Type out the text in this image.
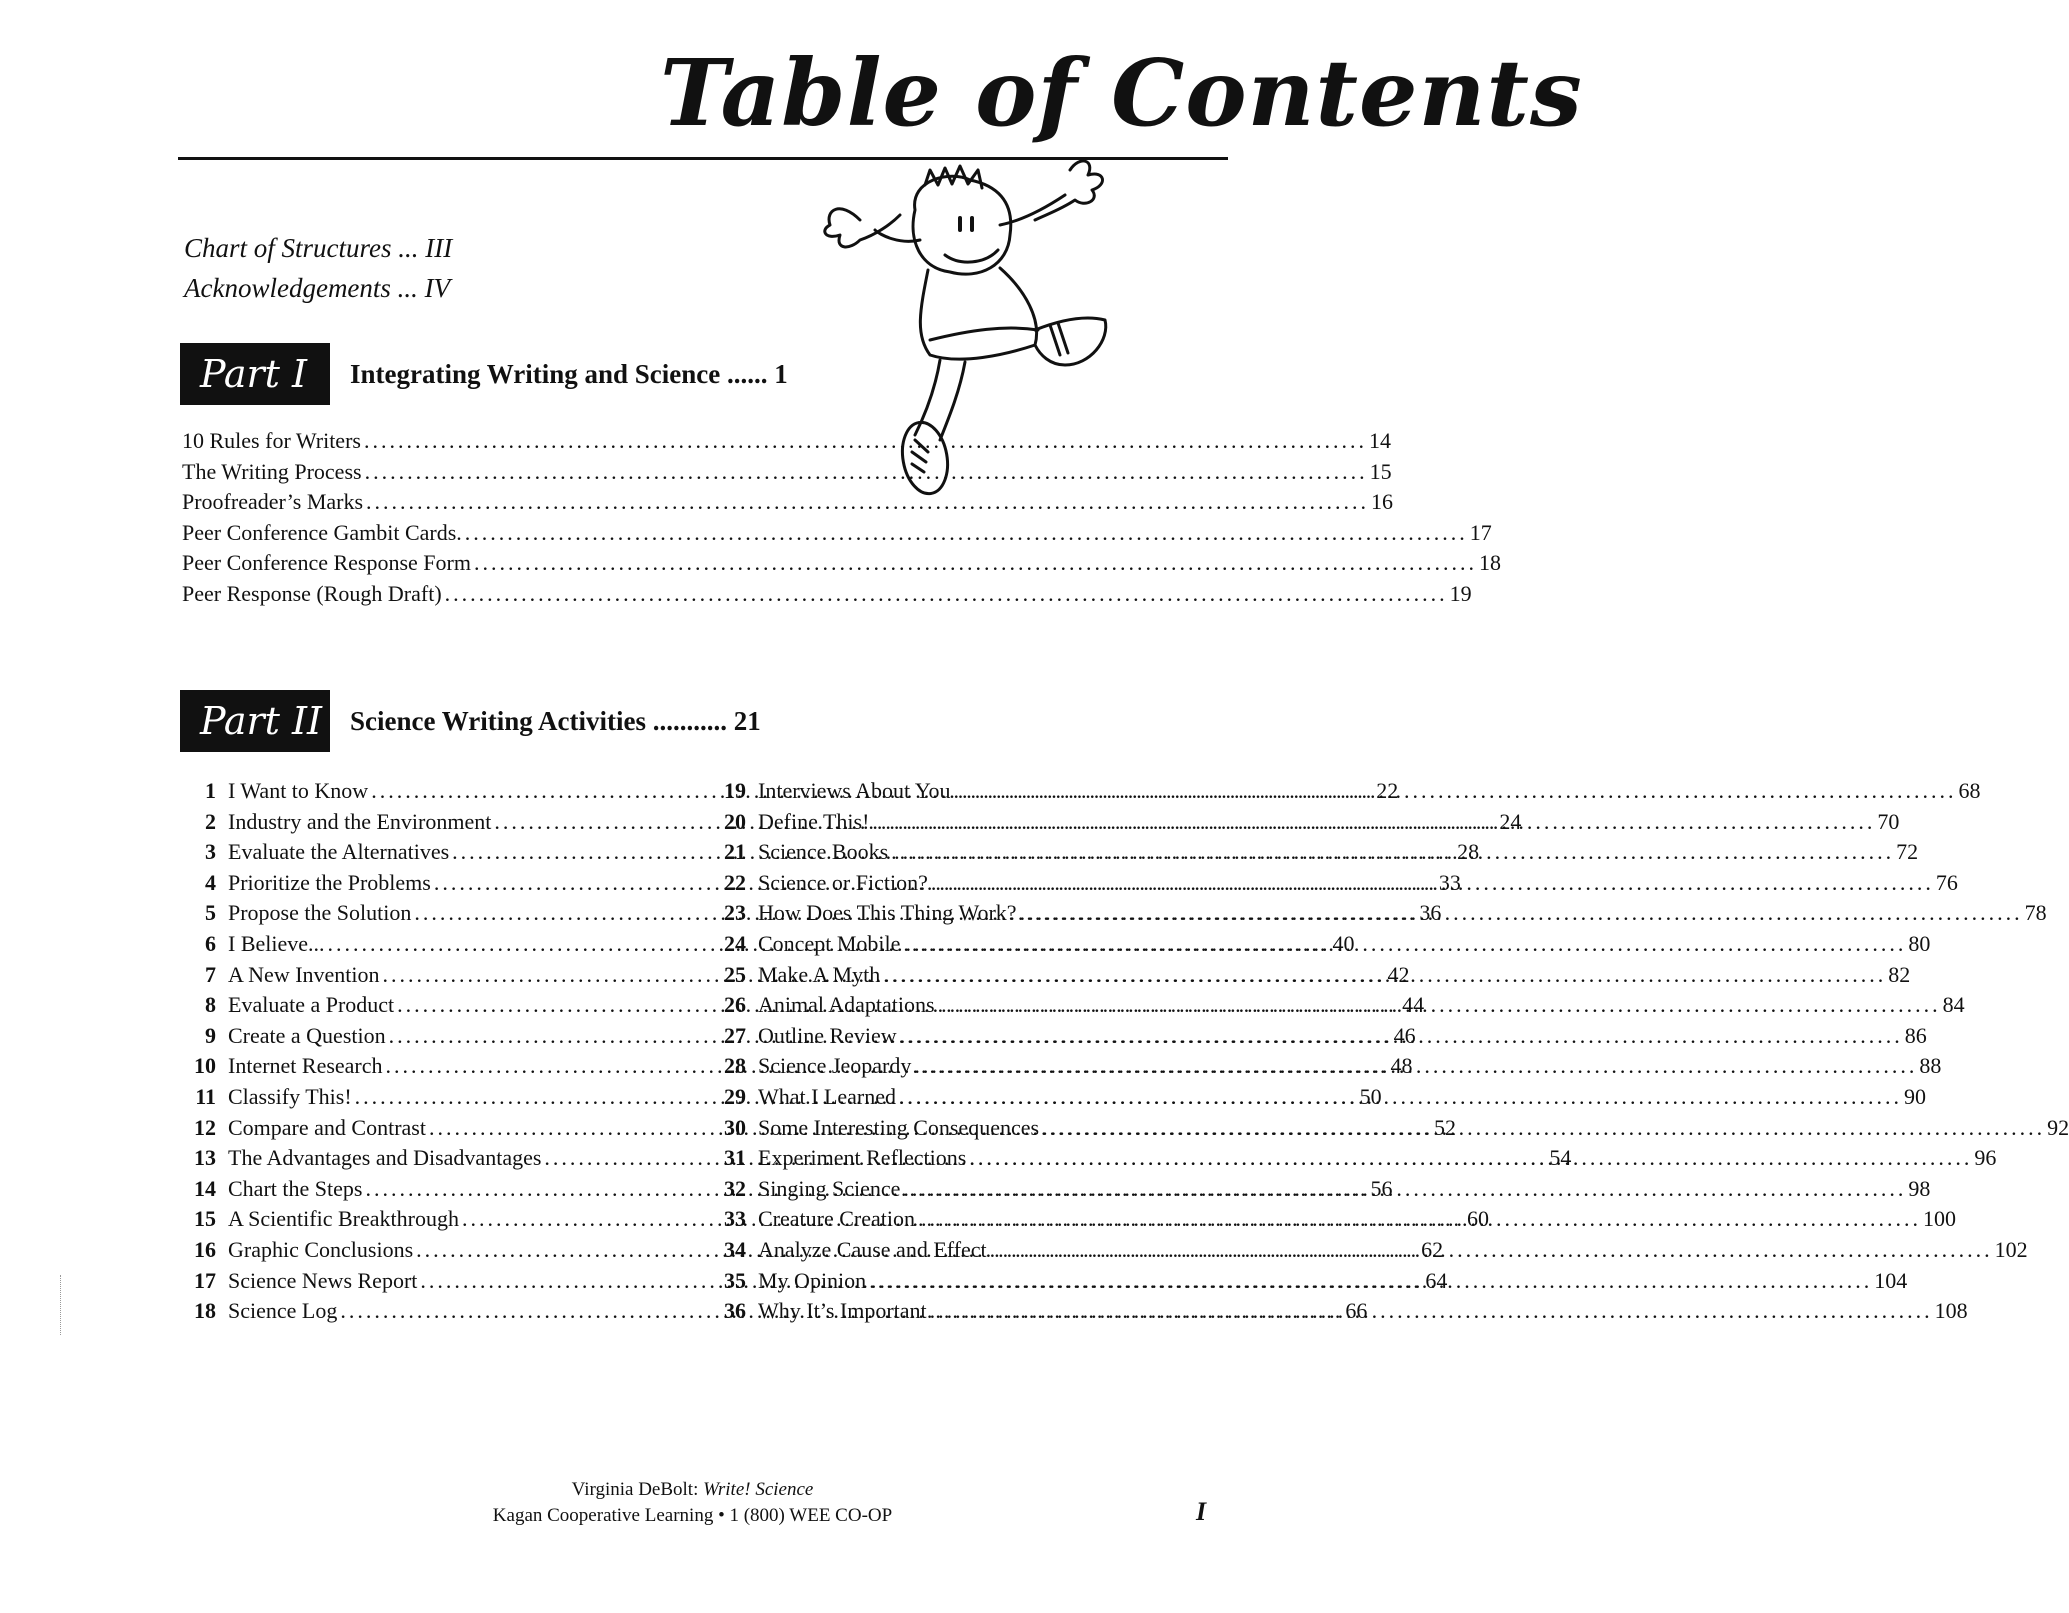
Table of Contents
Chart of Structures ... III
Acknowledgements ... IV
Part I	Integrating Writing and Science ...... 1
10 Rules for Writers .....	14
The Writing Process .....	15
Proofreader’s Marks .....	16
Peer Conference Gambit Cards. .....	17
Peer Conference Response Form .....	18
Peer Response (Rough Draft) .....	19
Part II Science Writing Activities ........... 21
1 I Want to Know .....	22
2 Industry and the Environment .....	24
3 Evaluate the Alternatives .....	28
4 Prioritize the Problems .....	33
5 Propose the Solution .....	36
6 I Believe... .....	40
7 A New Invention .....	42
8 Evaluate a Product .....	44
9 Create a Question .....	46
10 Internet Research .....	48
11 Classify This! .....	50
12 Compare and Contrast .....	52
13 The Advantages and Disadvantages .....	54
14 Chart the Steps .....	56
15 A Scientific Breakthrough .....	60
16 Graphic Conclusions .....	62
17 Science News Report .....	64
18 Science Log .....	66
19 Interviews About You .....	68
20 Define This! .....	70
21 Science Books .....	72
22 Science or Fiction? .....	76
23 How Does This Thing Work? .....	78
24 Concept Mobile .....	80
25 Make A Myth .....	82
26 Animal Adaptations .....	84
27 Outline Review .....	86
28 Science Jeopardy .....	88
29 What I Learned .....	90
30 Some Interesting Consequences .....	92
31 Experiment Reflections .....	96
32 Singing Science .....	98
33 Creature Creation .....	100
34 Analyze Cause and Effect .....	102
35 My Opinion .....	104
36 Why It’s Important .....	108
Virginia DeBolt: Write! Science
Kagan Cooperative Learning • 1 (800) WEE CO-OP	I
